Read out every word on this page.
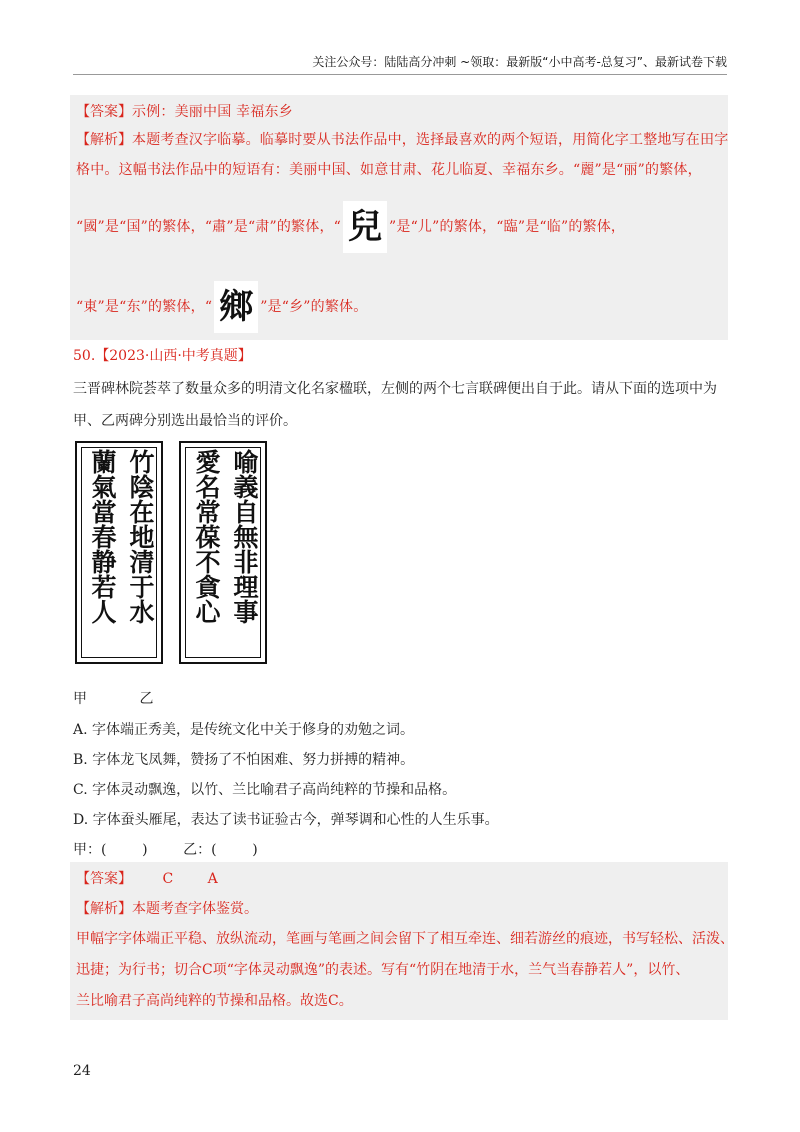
关注公众号：陆陆高分冲刺 ~领取：最新版“小中高考-总复习”、最新试卷下载
【答案】示例：美丽中国 幸福东乡
【解析】本题考查汉字临摹。临摹时要从书法作品中，选择最喜欢的两个短语，用简化字工整地写在田字
格中。这幅书法作品中的短语有：美丽中国、如意甘肃、花儿临夏、幸福东乡。“麗”是“丽”的繁体，
“國”是“国”的繁体，“肅”是“肃”的繁体，“ 兒 ”是“儿”的繁体，“臨”是“临”的繁体，
“東”是“东”的繁体，“ 鄉 ”是“乡”的繁体。
50.【2023·山西·中考真题】
三晋碑林院荟萃了数量众多的明清文化名家楹联，左侧的两个七言联碑便出自于此。请从下面的选项中为
甲、乙两碑分别选出最恰当的评价。
蘭氣當春静若人 竹陰在地清于水 愛名常葆不貪心 喻義自無非理事
甲	乙
A. 字体端正秀美，是传统文化中关于修身的劝勉之词。
B. 字体龙飞凤舞，赞扬了不怕困难、努力拼搏的精神。
C. 字体灵动飘逸，以竹、兰比喻君子高尚纯粹的节操和品格。
D. 字体蚕头雁尾，表达了读书证验古今，弹琴调和心性的人生乐事。
甲：(        )        乙：(        )
【答案】 C A
【解析】本题考查字体鉴赏。
甲幅字字体端正平稳、放纵流动，笔画与笔画之间会留下了相互牵连、细若游丝的痕迹，书写轻松、活泼、
迅捷；为行书；切合C项“字体灵动飘逸”的表述。写有“竹阴在地清于水，兰气当春静若人”，以竹、
兰比喻君子高尚纯粹的节操和品格。故选C。
24
